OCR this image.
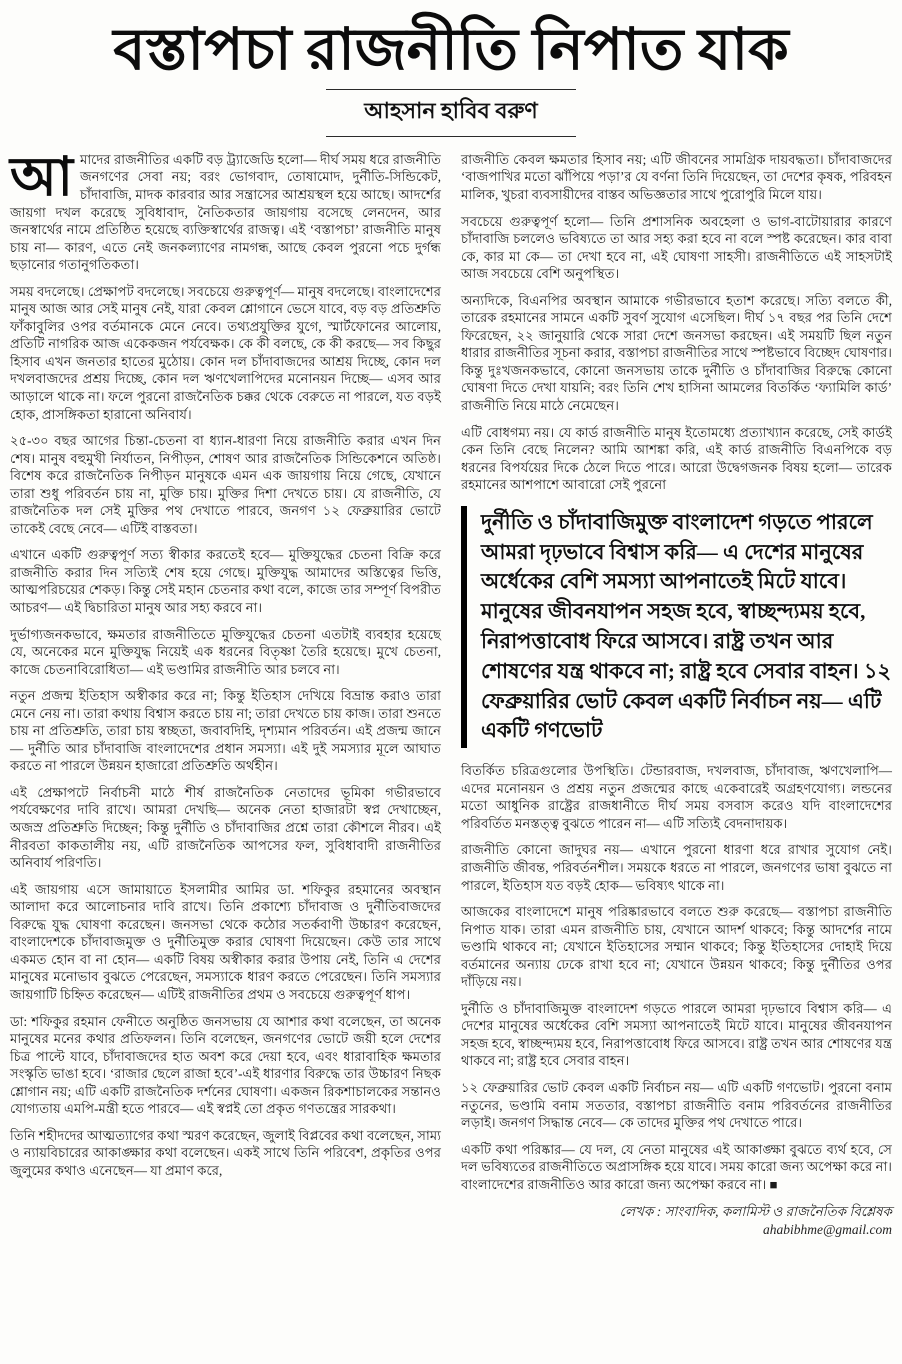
বস্তাপচা রাজনীতি নিপাত যাক
আহসান হাবিব বরুণ

আমাদের রাজনীতির একটি বড় ট্র্যাজেডি হলো— দীর্ঘ সময় ধরে রাজনীতি জনগণের সেবা নয়; বরং ভোগবাদ, তোষামোদ, দুর্নীতি-সিন্ডিকেট, চাঁদাবাজি, মাদক কারবার আর সন্ত্রাসের আশ্রয়স্থল হয়ে আছে। আদর্শের জায়গা দখল করেছে সুবিধাবাদ, নৈতিকতার জায়গায় বসেছে লেনদেন, আর জনস্বার্থের নামে প্রতিষ্ঠিত হয়েছে ব্যক্তিস্বার্থের রাজত্ব। এই ‘বস্তাপচা’ রাজনীতি মানুষ চায় না— কারণ, এতে নেই জনকল্যাণের নামগন্ধ, আছে কেবল পুরনো পচে দুর্গন্ধ ছড়ানোর গতানুগতিকতা।

সময় বদলেছে। প্রেক্ষাপট বদলেছে। সবচেয়ে গুরুত্বপূর্ণ— মানুষ বদলেছে। বাংলাদেশের মানুষ আজ আর সেই মানুষ নেই, যারা কেবল শ্লোগানে ভেসে যাবে, বড় বড় প্রতিশ্রুতি ফাঁকাবুলির ওপর বর্তমানকে মেনে নেবে। তথ্যপ্রযুক্তির যুগে, স্মার্টফোনের আলোয়, প্রতিটি নাগরিক আজ একেকজন পর্যবেক্ষক। কে কী বলছে, কে কী করছে— সব কিছুর হিসাব এখন জনতার হাতের মুঠোয়। কোন দল চাঁদাবাজদের আশ্রয় দিচ্ছে, কোন দল দখলবাজদের প্রশ্রয় দিচ্ছে, কোন দল ঋণখেলাপিদের মনোনয়ন দিচ্ছে— এসব আর আড়ালে থাকে না। ফলে পুরনো রাজনৈতিক চক্কর থেকে বেরুতে না পারলে, যত বড়ই হোক, প্রাসঙ্গিকতা হারানো অনিবার্য।

২৫-৩০ বছর আগের চিন্তা-চেতনা বা ধ্যান-ধারণা নিয়ে রাজনীতি করার এখন দিন শেষ। মানুষ বহুমুখী নির্যাতন, নিপীড়ন, শোষণ আর রাজনৈতিক সিন্ডিকেশনে অতিষ্ঠ। বিশেষ করে রাজনৈতিক নিপীড়ন মানুষকে এমন এক জায়গায় নিয়ে গেছে, যেখানে তারা শুধু পরিবর্তন চায় না, মুক্তি চায়। মুক্তির দিশা দেখতে চায়। যে রাজনীতি, যে রাজনৈতিক দল সেই মুক্তির পথ দেখাতে পারবে, জনগণ ১২ ফেব্রুয়ারির ভোটে তাকেই বেছে নেবে— এটিই বাস্তবতা।

এখানে একটি গুরুত্বপূর্ণ সত্য স্বীকার করতেই হবে— মুক্তিযুদ্ধের চেতনা বিক্রি করে রাজনীতি করার দিন সত্যিই শেষ হয়ে গেছে। মুক্তিযুদ্ধ আমাদের অস্তিত্বের ভিত্তি, আত্মপরিচয়ের শেকড়। কিন্তু সেই মহান চেতনার কথা বলে, কাজে তার সম্পূর্ণ বিপরীত আচরণ— এই দ্বিচারিতা মানুষ আর সহ্য করবে না।

দুর্ভাগ্যজনকভাবে, ক্ষমতার রাজনীতিতে মুক্তিযুদ্ধের চেতনা এতটাই ব্যবহার হয়েছে যে, অনেকের মনে মুক্তিযুদ্ধ নিয়েই এক ধরনের বিতৃষ্ণা তৈরি হয়েছে। মুখে চেতনা, কাজে চেতনাবিরোধিতা— এই ভণ্ডামির রাজনীতি আর চলবে না।

নতুন প্রজন্ম ইতিহাস অস্বীকার করে না; কিন্তু ইতিহাস দেখিয়ে বিভ্রান্ত করাও তারা মেনে নেয় না। তারা কথায় বিশ্বাস করতে চায় না; তারা দেখতে চায় কাজ। তারা শুনতে চায় না প্রতিশ্রুতি, তারা চায় স্বচ্ছতা, জবাবদিহি, দৃশ্যমান পরিবর্তন। এই প্রজন্ম জানে— দুর্নীতি আর চাঁদাবাজি বাংলাদেশের প্রধান সমস্যা। এই দুই সমস্যার মূলে আঘাত করতে না পারলে উন্নয়ন হাজারো প্রতিশ্রুতি অর্থহীন।

এই প্রেক্ষাপটে নির্বাচনী মাঠে শীর্ষ রাজনৈতিক নেতাদের ভূমিকা গভীরভাবে পর্যবেক্ষণের দাবি রাখে। আমরা দেখছি— অনেক নেতা হাজারটা স্বপ্ন দেখাচ্ছেন, অজস্র প্রতিশ্রুতি দিচ্ছেন; কিন্তু দুর্নীতি ও চাঁদাবাজির প্রশ্নে তারা কৌশলে নীরব। এই নীরবতা কাকতালীয় নয়, এটি রাজনৈতিক আপসের ফল, সুবিধাবাদী রাজনীতির অনিবার্য পরিণতি।

এই জায়গায় এসে জামায়াতে ইসলামীর আমির ডা. শফিকুর রহমানের অবস্থান আলাদা করে আলোচনার দাবি রাখে। তিনি প্রকাশ্যে চাঁদাবাজ ও দুর্নীতিবাজদের বিরুদ্ধে যুদ্ধ ঘোষণা করেছেন। জনসভা থেকে কঠোর সতর্কবাণী উচ্চারণ করেছেন, বাংলাদেশকে চাঁদাবাজমুক্ত ও দুর্নীতিমুক্ত করার ঘোষণা দিয়েছেন। কেউ তার সাথে একমত হোন বা না হোন— একটি বিষয় অস্বীকার করার উপায় নেই, তিনি এ দেশের মানুষের মনোভাব বুঝতে পেরেছেন, সমস্যাকে ধারণ করতে পেরেছেন। তিনি সমস্যার জায়গাটি চিহ্নিত করেছেন— এটিই রাজনীতির প্রথম ও সবচেয়ে গুরুত্বপূর্ণ ধাপ।

ডা: শফিকুর রহমান ফেনীতে অনুষ্ঠিত জনসভায় যে আশার কথা বলেছেন, তা অনেক মানুষের মনের কথার প্রতিফলন। তিনি বলেছেন, জনগণের ভোটে জয়ী হলে দেশের চিত্র পাল্টে যাবে, চাঁদাবাজদের হাত অবশ করে দেয়া হবে, এবং ধারাবাহিক ক্ষমতার সংস্কৃতি ভাঙা হবে। ‘রাজার ছেলে রাজা হবে’-এই ধারণার বিরুদ্ধে তার উচ্চারণ নিছক শ্লোগান নয়; এটি একটি রাজনৈতিক দর্শনের ঘোষণা। একজন রিকশাচালকের সন্তানও যোগ্যতায় এমপি-মন্ত্রী হতে পারবে— এই স্বপ্নই তো প্রকৃত গণতন্ত্রের সারকথা।

তিনি শহীদদের আত্মত্যাগের কথা স্মরণ করেছেন, জুলাই বিপ্লবের কথা বলেছেন, সাম্য ও ন্যায়বিচারের আকাঙ্ক্ষার কথা বলেছেন। একই সাথে তিনি পরিবেশ, প্রকৃতির ওপর জুলুমের কথাও এনেছেন— যা প্রমাণ করে,

রাজনীতি কেবল ক্ষমতার হিসাব নয়; এটি জীবনের সামগ্রিক দায়বদ্ধতা। চাঁদাবাজদের ‘বাজপাখির মতো ঝাঁপিয়ে পড়া’র যে বর্ণনা তিনি দিয়েছেন, তা দেশের কৃষক, পরিবহন মালিক, খুচরা ব্যবসায়ীদের বাস্তব অভিজ্ঞতার সাথে পুরোপুরি মিলে যায়।

সবচেয়ে গুরুত্বপূর্ণ হলো— তিনি প্রশাসনিক অবহেলা ও ভাগ-বাটোয়ারার কারণে চাঁদাবাজি চললেও ভবিষ্যতে তা আর সহ্য করা হবে না বলে স্পষ্ট করেছেন। কার বাবা কে, কার মা কে— তা দেখা হবে না, এই ঘোষণা সাহসী। রাজনীতিতে এই সাহসটাই আজ সবচেয়ে বেশি অনুপস্থিত।

অন্যদিকে, বিএনপির অবস্থান আমাকে গভীরভাবে হতাশ করেছে। সত্যি বলতে কী, তারেক রহমানের সামনে একটি সুবর্ণ সুযোগ এসেছিল। দীর্ঘ ১৭ বছর পর তিনি দেশে ফিরেছেন, ২২ জানুয়ারি থেকে সারা দেশে জনসভা করছেন। এই সময়টি ছিল নতুন ধারার রাজনীতির সূচনা করার, বস্তাপচা রাজনীতির সাথে স্পষ্টভাবে বিচ্ছেদ ঘোষণার। কিন্তু দুঃখজনকভাবে, কোনো জনসভায় তাকে দুর্নীতি ও চাঁদাবাজির বিরুদ্ধে কোনো ঘোষণা দিতে দেখা যায়নি; বরং তিনি শেখ হাসিনা আমলের বিতর্কিত ‘ফ্যামিলি কার্ড’ রাজনীতি নিয়ে মাঠে নেমেছেন।

এটি বোধগম্য নয়। যে কার্ড রাজনীতি মানুষ ইতোমধ্যে প্রত্যাখ্যান করেছে, সেই কার্ডই কেন তিনি বেছে নিলেন? আমি আশঙ্কা করি, এই কার্ড রাজনীতি বিএনপিকে বড় ধরনের বিপর্যয়ের দিকে ঠেলে দিতে পারে। আরো উদ্বেগজনক বিষয় হলো— তারেক রহমানের আশপাশে আবারো সেই পুরনো

দুর্নীতি ও চাঁদাবাজিমুক্ত বাংলাদেশ গড়তে পারলে আমরা দৃঢ়ভাবে বিশ্বাস করি— এ দেশের মানুষের অর্ধেকের বেশি সমস্যা আপনাতেই মিটে যাবে। মানুষের জীবনযাপন সহজ হবে, স্বাচ্ছন্দ্যময় হবে, নিরাপত্তাবোধ ফিরে আসবে। রাষ্ট্র তখন আর শোষণের যন্ত্র থাকবে না; রাষ্ট্র হবে সেবার বাহন। ১২ ফেব্রুয়ারির ভোট কেবল একটি নির্বাচন নয়— এটি একটি গণভোট

বিতর্কিত চরিত্রগুলোর উপস্থিতি। টেন্ডারবাজ, দখলবাজ, চাঁদাবাজ, ঋণখেলাপি— এদের মনোনয়ন ও প্রশ্রয় নতুন প্রজন্মের কাছে একেবারেই অগ্রহণযোগ্য। লন্ডনের মতো আধুনিক রাষ্ট্রের রাজধানীতে দীর্ঘ সময় বসবাস করেও যদি বাংলাদেশের পরিবর্তিত মনস্তত্ত্ব বুঝতে পারেন না— এটি সত্যিই বেদনাদায়ক।

রাজনীতি কোনো জাদুঘর নয়— এখানে পুরনো ধারণা ধরে রাখার সুযোগ নেই। রাজনীতি জীবন্ত, পরিবর্তনশীল। সময়কে ধরতে না পারলে, জনগণের ভাষা বুঝতে না পারলে, ইতিহাস যত বড়ই হোক— ভবিষ্যৎ থাকে না।

আজকের বাংলাদেশে মানুষ পরিষ্কারভাবে বলতে শুরু করেছে— বস্তাপচা রাজনীতি নিপাত যাক। তারা এমন রাজনীতি চায়, যেখানে আদর্শ থাকবে; কিন্তু আদর্শের নামে ভণ্ডামি থাকবে না; যেখানে ইতিহাসের সম্মান থাকবে; কিন্তু ইতিহাসের দোহাই দিয়ে বর্তমানের অন্যায় ঢেকে রাখা হবে না; যেখানে উন্নয়ন থাকবে; কিন্তু দুর্নীতির ওপর দাঁড়িয়ে নয়।

দুর্নীতি ও চাঁদাবাজিমুক্ত বাংলাদেশ গড়তে পারলে আমরা দৃঢ়ভাবে বিশ্বাস করি— এ দেশের মানুষের অর্ধেকের বেশি সমস্যা আপনাতেই মিটে যাবে। মানুষের জীবনযাপন সহজ হবে, স্বাচ্ছন্দ্যময় হবে, নিরাপত্তাবোধ ফিরে আসবে। রাষ্ট্র তখন আর শোষণের যন্ত্র থাকবে না; রাষ্ট্র হবে সেবার বাহন।

১২ ফেব্রুয়ারির ভোট কেবল একটি নির্বাচন নয়— এটি একটি গণভোট। পুরনো বনাম নতুনের, ভণ্ডামি বনাম সততার, বস্তাপচা রাজনীতি বনাম পরিবর্তনের রাজনীতির লড়াই। জনগণ সিদ্ধান্ত নেবে— কে তাদের মুক্তির পথ দেখাতে পারে।

একটি কথা পরিষ্কার— যে দল, যে নেতা মানুষের এই আকাঙ্ক্ষা বুঝতে ব্যর্থ হবে, সে দল ভবিষ্যতের রাজনীতিতে অপ্রাসঙ্গিক হয়ে যাবে। সময় কারো জন্য অপেক্ষা করে না। বাংলাদেশের রাজনীতিও আর কারো জন্য অপেক্ষা করবে না। ■

লেখক : সাংবাদিক, কলামিস্ট ও রাজনৈতিক বিশ্লেষক
ahabibhme@gmail.com
